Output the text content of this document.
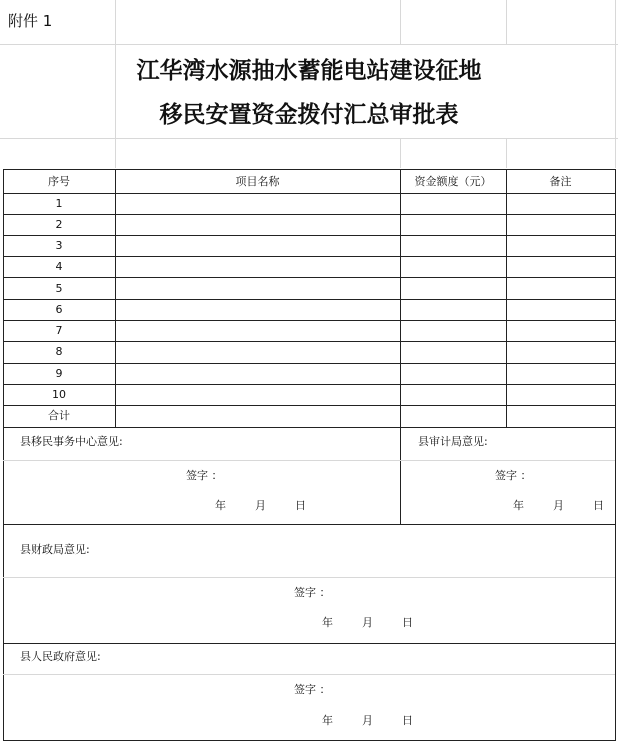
附件 1
江华湾水源抽水蓄能电站建设征地
移民安置资金拨付汇总审批表
序号	项目名称	资金额度（元）	备注
1
2
3
4
5
6
7
8
9
10
合计
县移民事务中心意见:	县审计局意见:
签字 ：
年	月	日
签字 ：
年	月	日
县财政局意见:
签字 ：
年	月	日
县人民政府意见:
签字 ：
年	月	日
